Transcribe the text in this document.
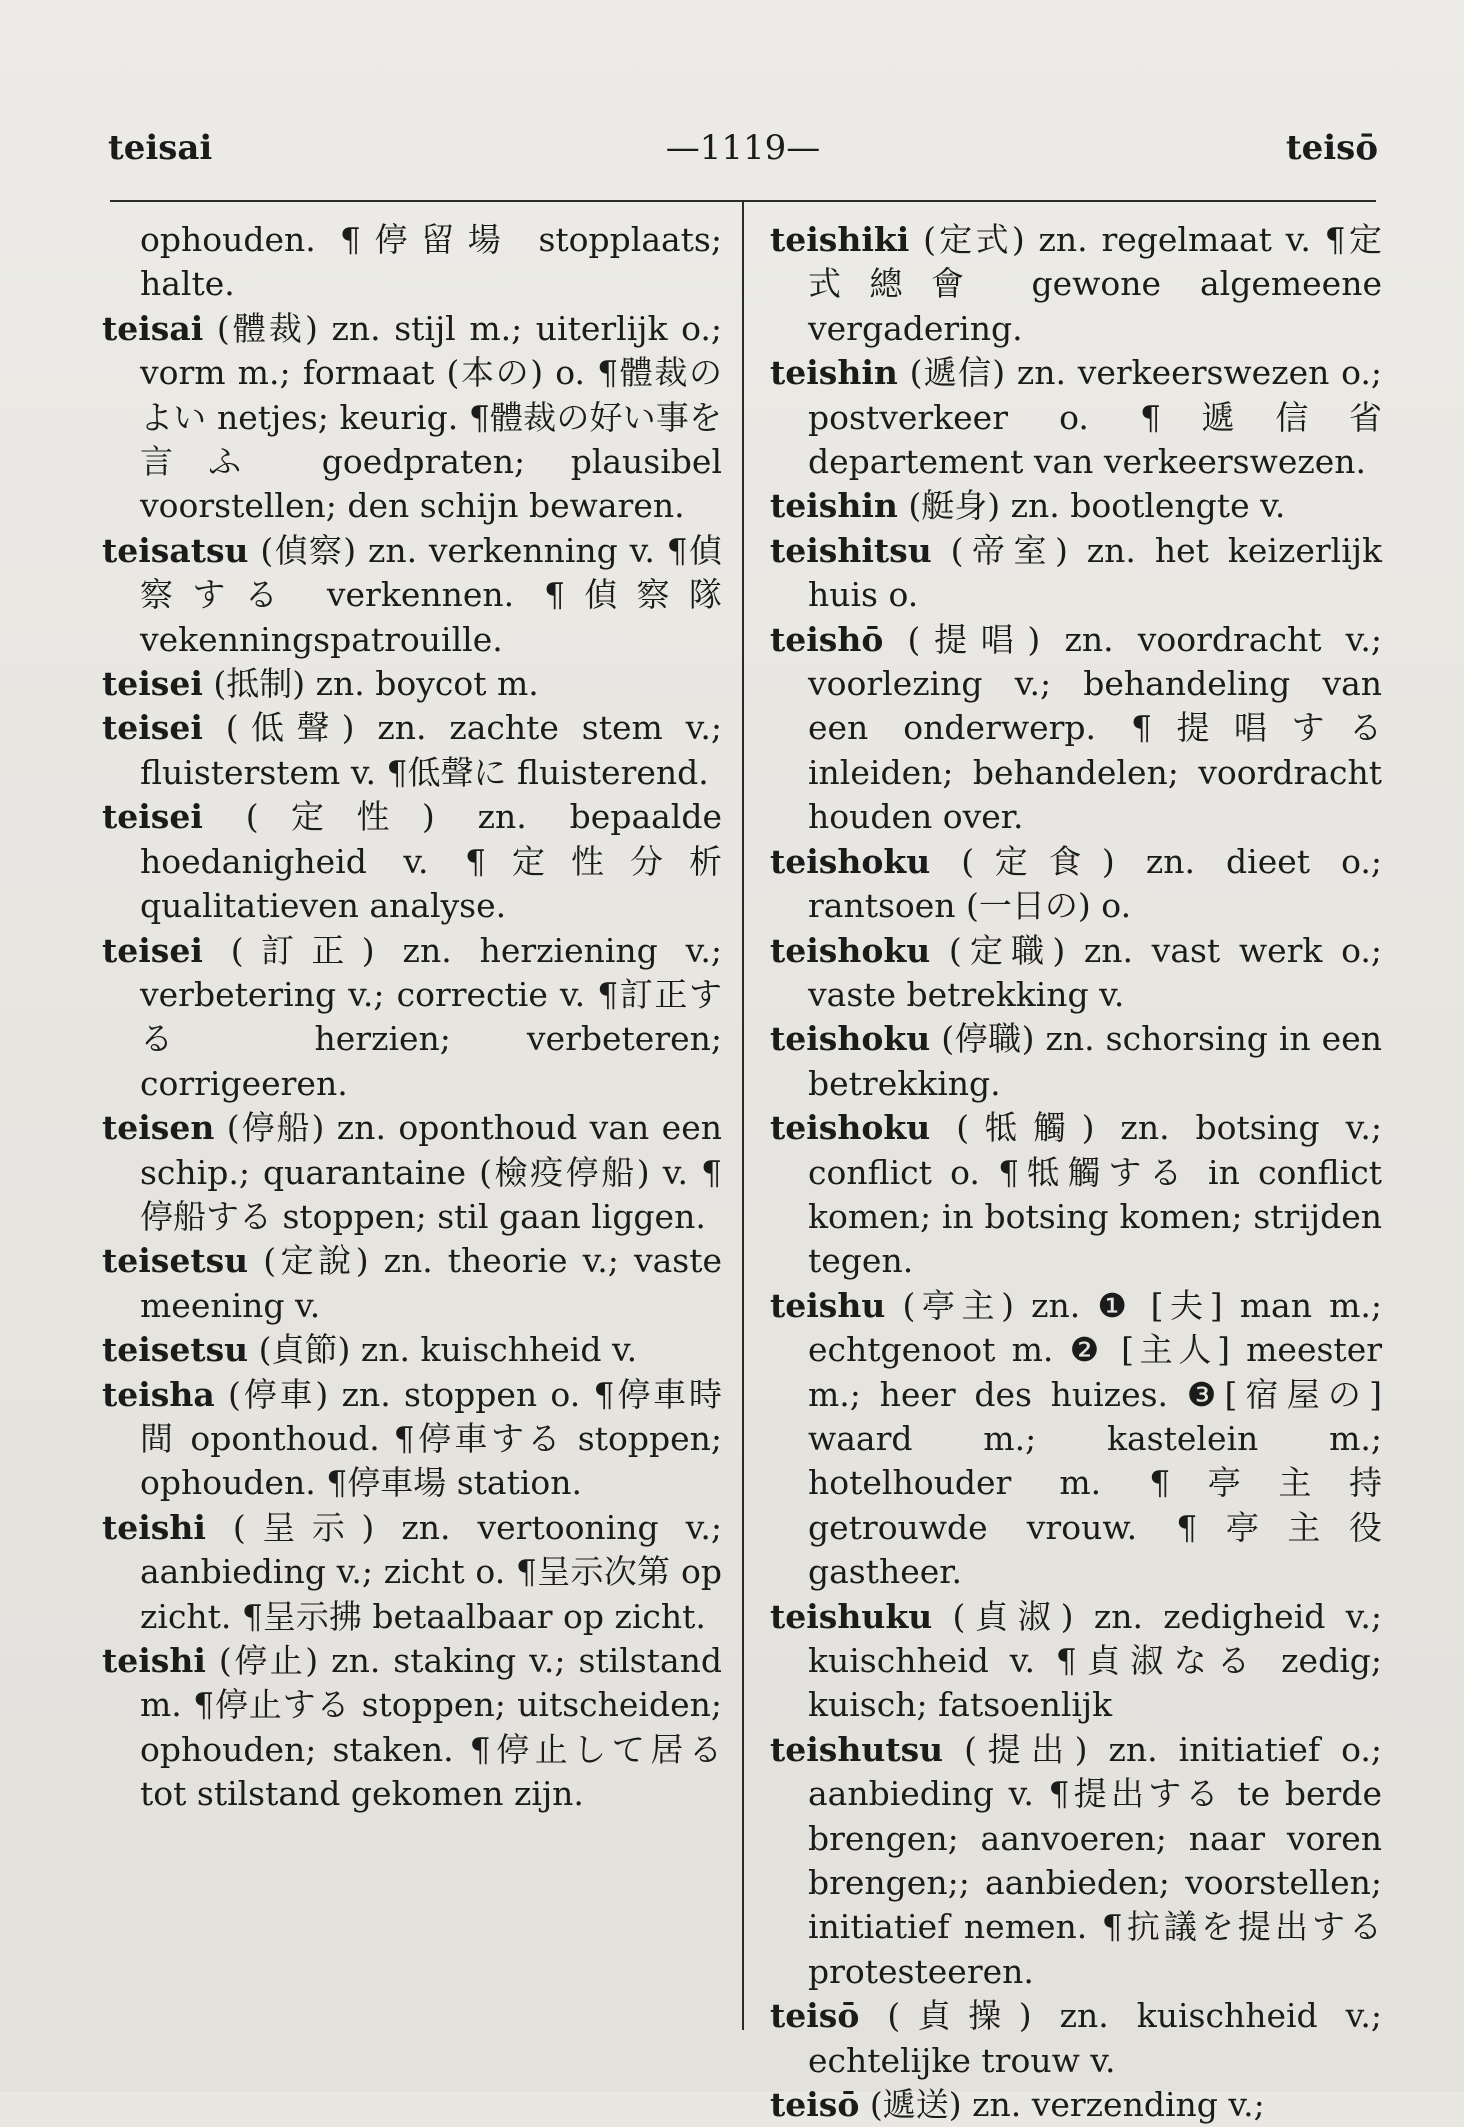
teisai	—1119—	teisō

ophouden. ¶停留場 stopplaats; halte.

teisai (體裁) zn. stijl m.; uiterlijk o.; vorm m.; formaat (本の) o. ¶體裁のよい netjes; keurig. ¶體裁の好い事を言ふ goedpraten; plausibel voorstellen; den schijn bewaren.

teisatsu (偵察) zn. verkenning v. ¶偵察する verkennen. ¶偵察隊 vekenningspatrouille.

teisei (抵制) zn. boycot m.

teisei (低聲) zn. zachte stem v.; fluisterstem v. ¶低聲に fluisterend.

teisei (定性) zn. bepaalde hoedanigheid v. ¶定性分析 qualitatieven analyse.

teisei (訂正) zn. herziening v.; verbetering v.; correctie v. ¶訂正する herzien; verbeteren; corrigeeren.

teisen (停船) zn. oponthoud van een schip.; quarantaine (檢疫停船) v. ¶停船する stoppen; stil gaan liggen.

teisetsu (定說) zn. theorie v.; vaste meening v.

teisetsu (貞節) zn. kuischheid v.

teisha (停車) zn. stoppen o. ¶停車時間 oponthoud. ¶停車する stoppen; ophouden. ¶停車場 station.

teishi (呈示) zn. vertooning v.; aanbieding v.; zicht o. ¶呈示次第 op zicht. ¶呈示拂 betaalbaar op zicht.

teishi (停止) zn. staking v.; stilstand m. ¶停止する stoppen; uitscheiden; ophouden; staken. ¶停止して居る tot stilstand gekomen zijn.

teishiki (定式) zn. regelmaat v. ¶定式總會 gewone algemeene vergadering.

teishin (遞信) zn. verkeerswezen o.; postverkeer o. ¶遞信省 departement van verkeerswezen.

teishin (艇身) zn. bootlengte v.

teishitsu (帝室) zn. het keizerlijk huis o.

teishō (提唱) zn. voordracht v.; voorlezing v.; behandeling van een onderwerp. ¶提唱する inleiden; behandelen; voordracht houden over.

teishoku (定食) zn. dieet o.; rantsoen (一日の) o.

teishoku (定職) zn. vast werk o.; vaste betrekking v.

teishoku (停職) zn. schorsing in een betrekking.

teishoku (牴觸) zn. botsing v.; conflict o. ¶牴觸する in conflict komen; in botsing komen; strijden tegen.

teishu (亭主) zn. ❶ [夫] man m.; echtgenoot m. ❷ [主人] meester m.; heer des huizes. ❸[宿屋の] waard m.; kastelein m.; hotelhouder m. ¶亭主持 getrouwde vrouw. ¶亭主役 gastheer.

teishuku (貞淑) zn. zedigheid v.; kuischheid v. ¶貞淑なる zedig; kuisch; fatsoenlijk

teishutsu (提出) zn. initiatief o.; aanbieding v. ¶提出する te berde brengen; aanvoeren; naar voren brengen;; aanbieden; voorstellen; initiatief nemen. ¶抗議を提出する protesteeren.

teisō (貞操) zn. kuischheid v.; echtelijke trouw v.

teisō (遞送) zn. verzending v.;
